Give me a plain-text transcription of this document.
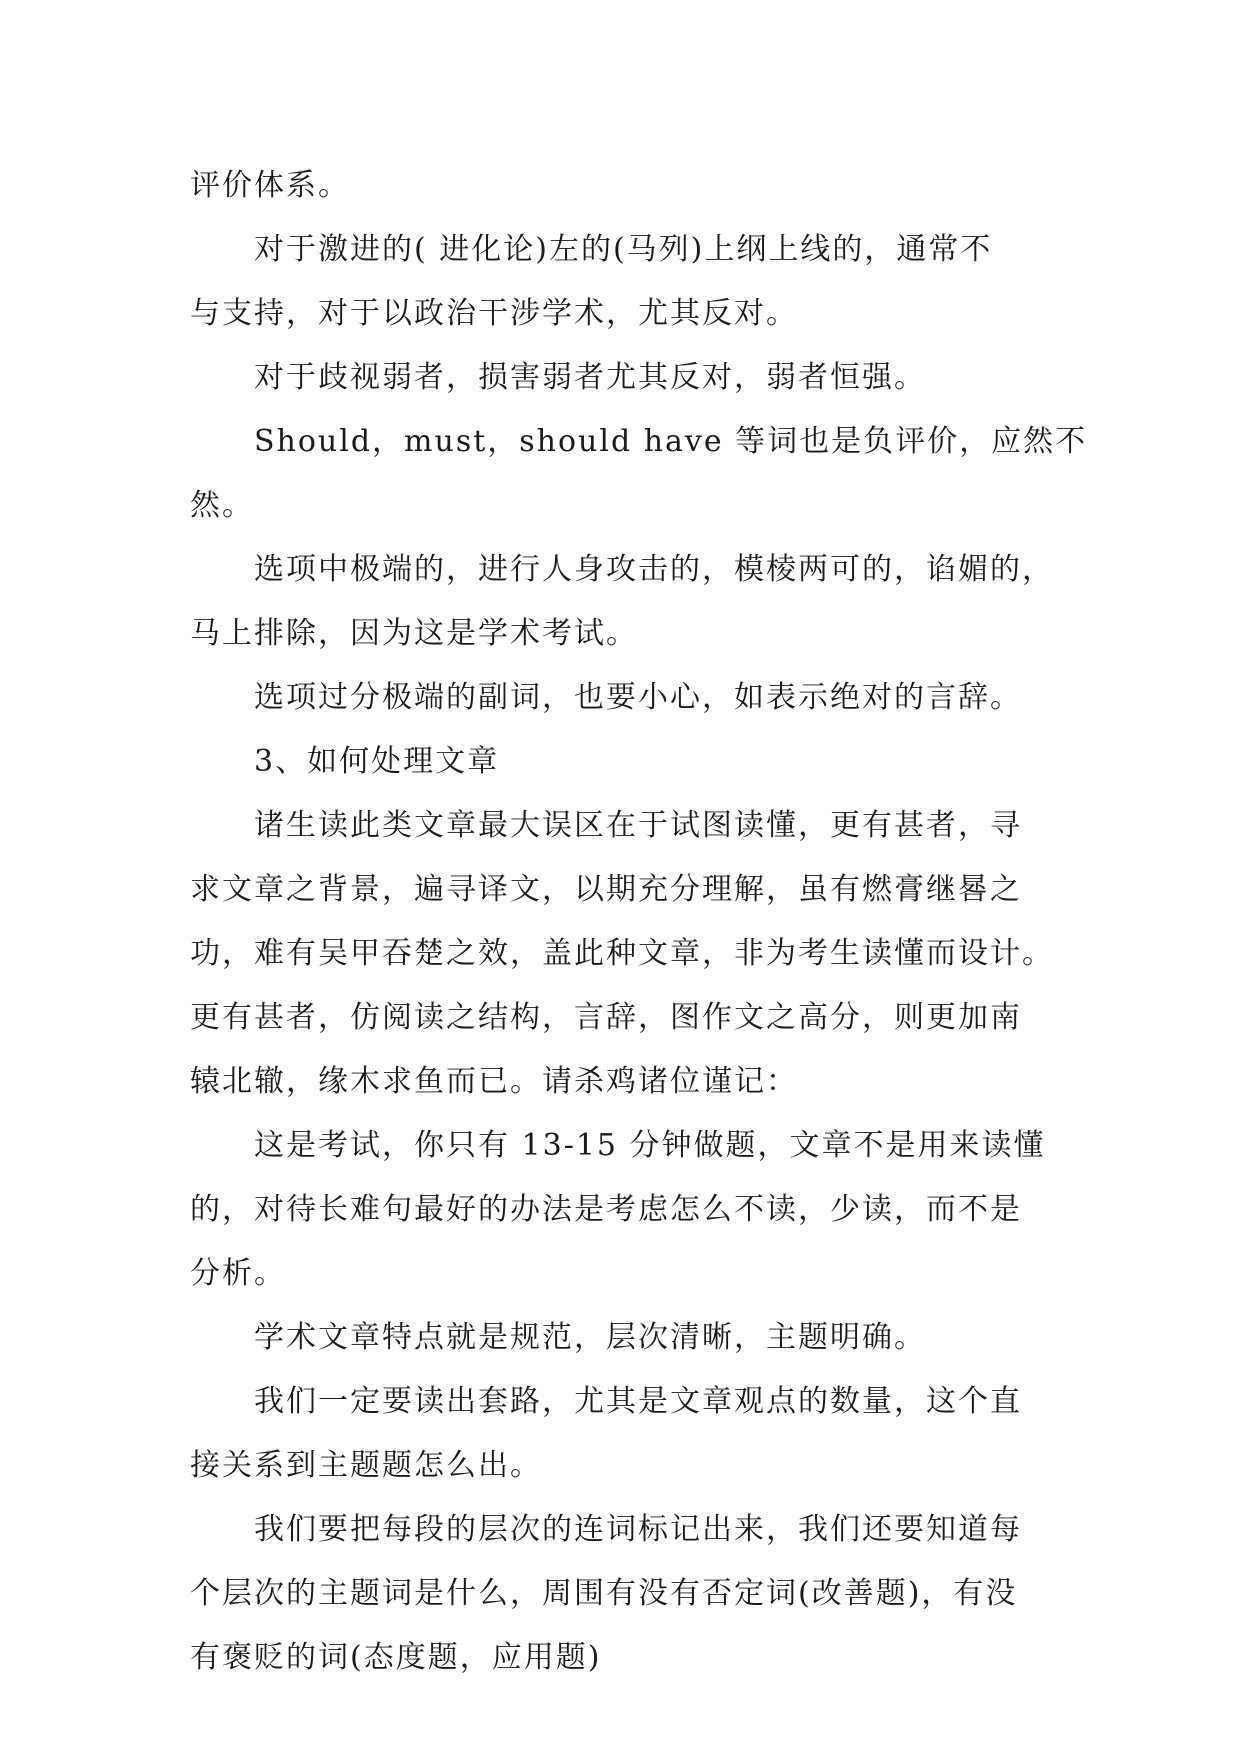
评价体系。
对于激进的( 进化论)左的(马列)上纲上线的，通常不
与支持，对于以政治干涉学术，尤其反对。
对于歧视弱者，损害弱者尤其反对，弱者恒强。
Should，must，should have 等词也是负评价，应然不
然。
选项中极端的，进行人身攻击的，模棱两可的，谄媚的，
马上排除，因为这是学术考试。
选项过分极端的副词，也要小心，如表示绝对的言辞。
3、如何处理文章
诸生读此类文章最大误区在于试图读懂，更有甚者，寻
求文章之背景，遍寻译文，以期充分理解，虽有燃膏继晷之
功，难有吴甲吞楚之效，盖此种文章，非为考生读懂而设计。
更有甚者，仿阅读之结构，言辞，图作文之高分，则更加南
辕北辙，缘木求鱼而已。请杀鸡诸位谨记：
这是考试，你只有 13-15 分钟做题，文章不是用来读懂
的，对待长难句最好的办法是考虑怎么不读，少读，而不是
分析。
学术文章特点就是规范，层次清晰，主题明确。
我们一定要读出套路，尤其是文章观点的数量，这个直
接关系到主题题怎么出。
我们要把每段的层次的连词标记出来，我们还要知道每
个层次的主题词是什么，周围有没有否定词(改善题)，有没
有褒贬的词(态度题，应用题)
